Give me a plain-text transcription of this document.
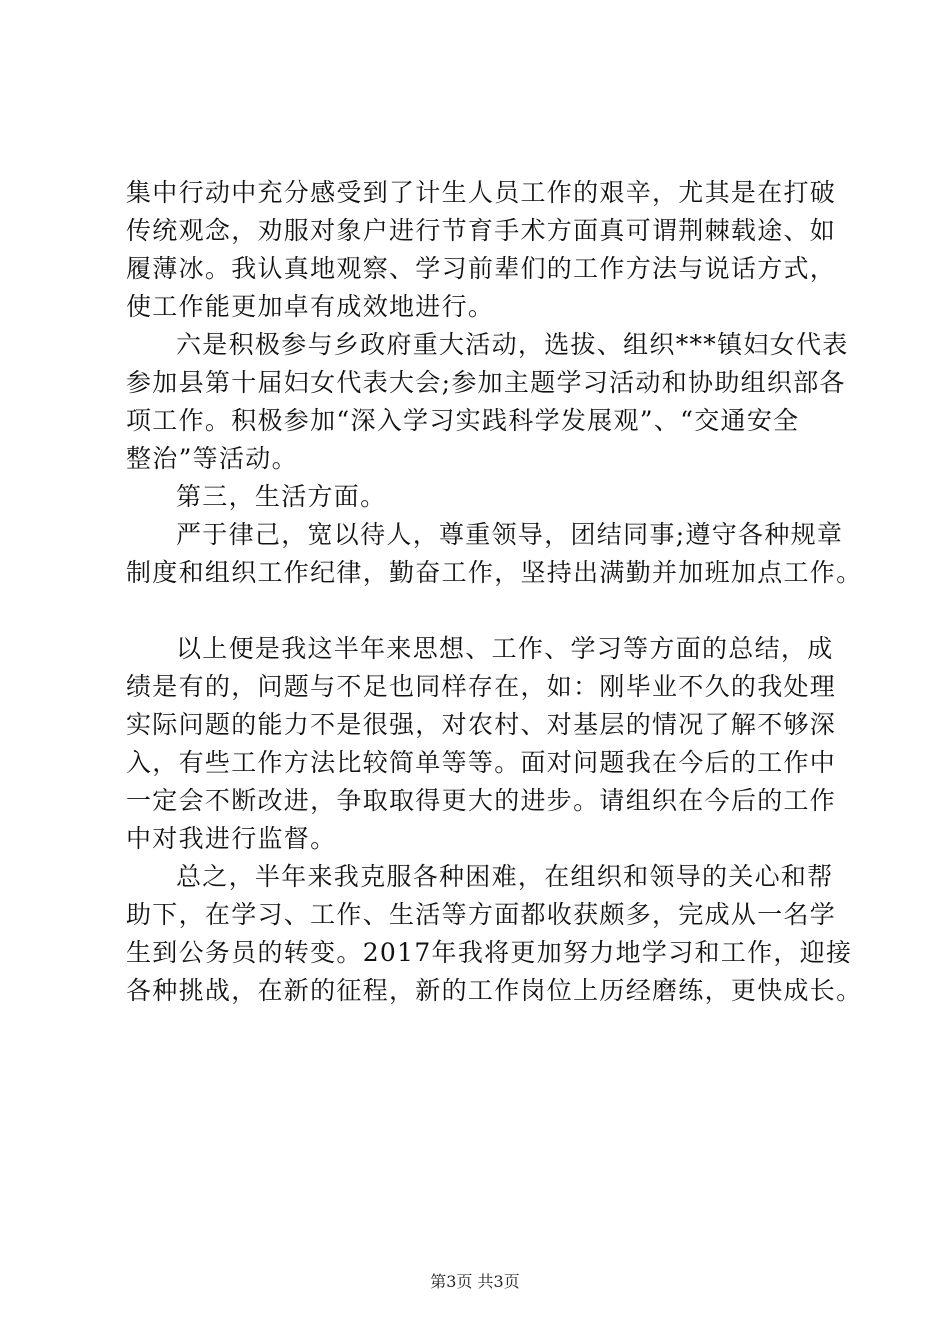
集中行动中充分感受到了计生人员工作的艰辛，尤其是在打破
传统观念，劝服对象户进行节育手术方面真可谓荆棘载途、如
履薄冰。我认真地观察、学习前辈们的工作方法与说话方式，
使工作能更加卓有成效地进行。
六是积极参与乡政府重大活动，选拔、组织***镇妇女代表
参加县第十届妇女代表大会;参加主题学习活动和协助组织部各
项工作。积极参加“深入学习实践科学发展观”、“交通安全
整治”等活动。
第三，生活方面。
严于律己，宽以待人，尊重领导，团结同事;遵守各种规章
制度和组织工作纪律，勤奋工作，坚持出满勤并加班加点工作。
以上便是我这半年来思想、工作、学习等方面的总结，成
绩是有的，问题与不足也同样存在，如：刚毕业不久的我处理
实际问题的能力不是很强，对农村、对基层的情况了解不够深
入，有些工作方法比较简单等等。面对问题我在今后的工作中
一定会不断改进，争取取得更大的进步。请组织在今后的工作
中对我进行监督。
总之，半年来我克服各种困难，在组织和领导的关心和帮
助下，在学习、工作、生活等方面都收获颇多，完成从一名学
生到公务员的转变。2017年我将更加努力地学习和工作，迎接
各种挑战，在新的征程，新的工作岗位上历经磨练，更快成长。
第3页 共3页
